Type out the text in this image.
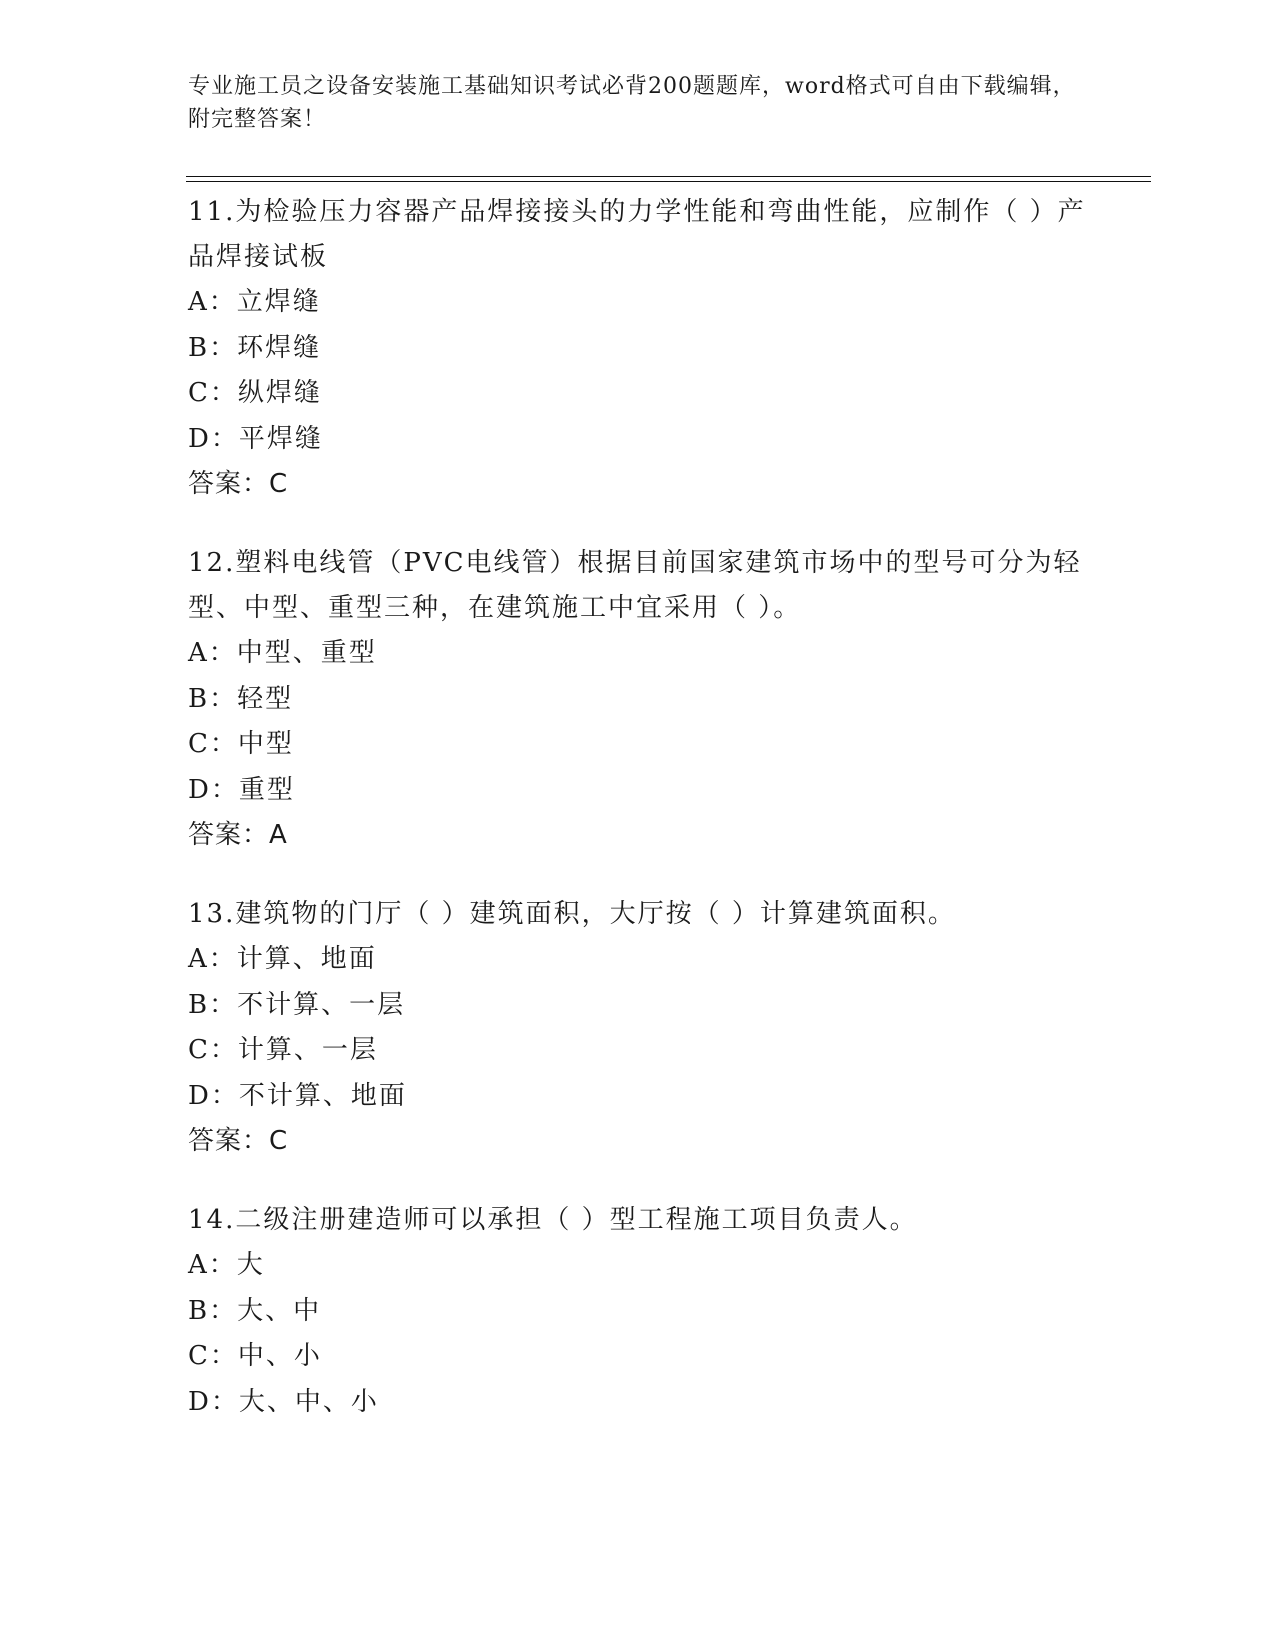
专业施工员之设备安装施工基础知识考试必背200题题库，word格式可自由下载编辑，附完整答案！
11.为检验压力容器产品焊接接头的力学性能和弯曲性能，应制作（ ）产品焊接试板
A：立焊缝
B：环焊缝
C：纵焊缝
D：平焊缝
答案：C
12.塑料电线管（PVC电线管）根据目前国家建筑市场中的型号可分为轻型、中型、重型三种，在建筑施工中宜采用（ ）。
A：中型、重型
B：轻型
C：中型
D：重型
答案：A
13.建筑物的门厅（ ）建筑面积，大厅按（ ）计算建筑面积。
A：计算、地面
B：不计算、一层
C：计算、一层
D：不计算、地面
答案：C
14.二级注册建造师可以承担（ ）型工程施工项目负责人。
A：大
B：大、中
C：中、小
D：大、中、小
